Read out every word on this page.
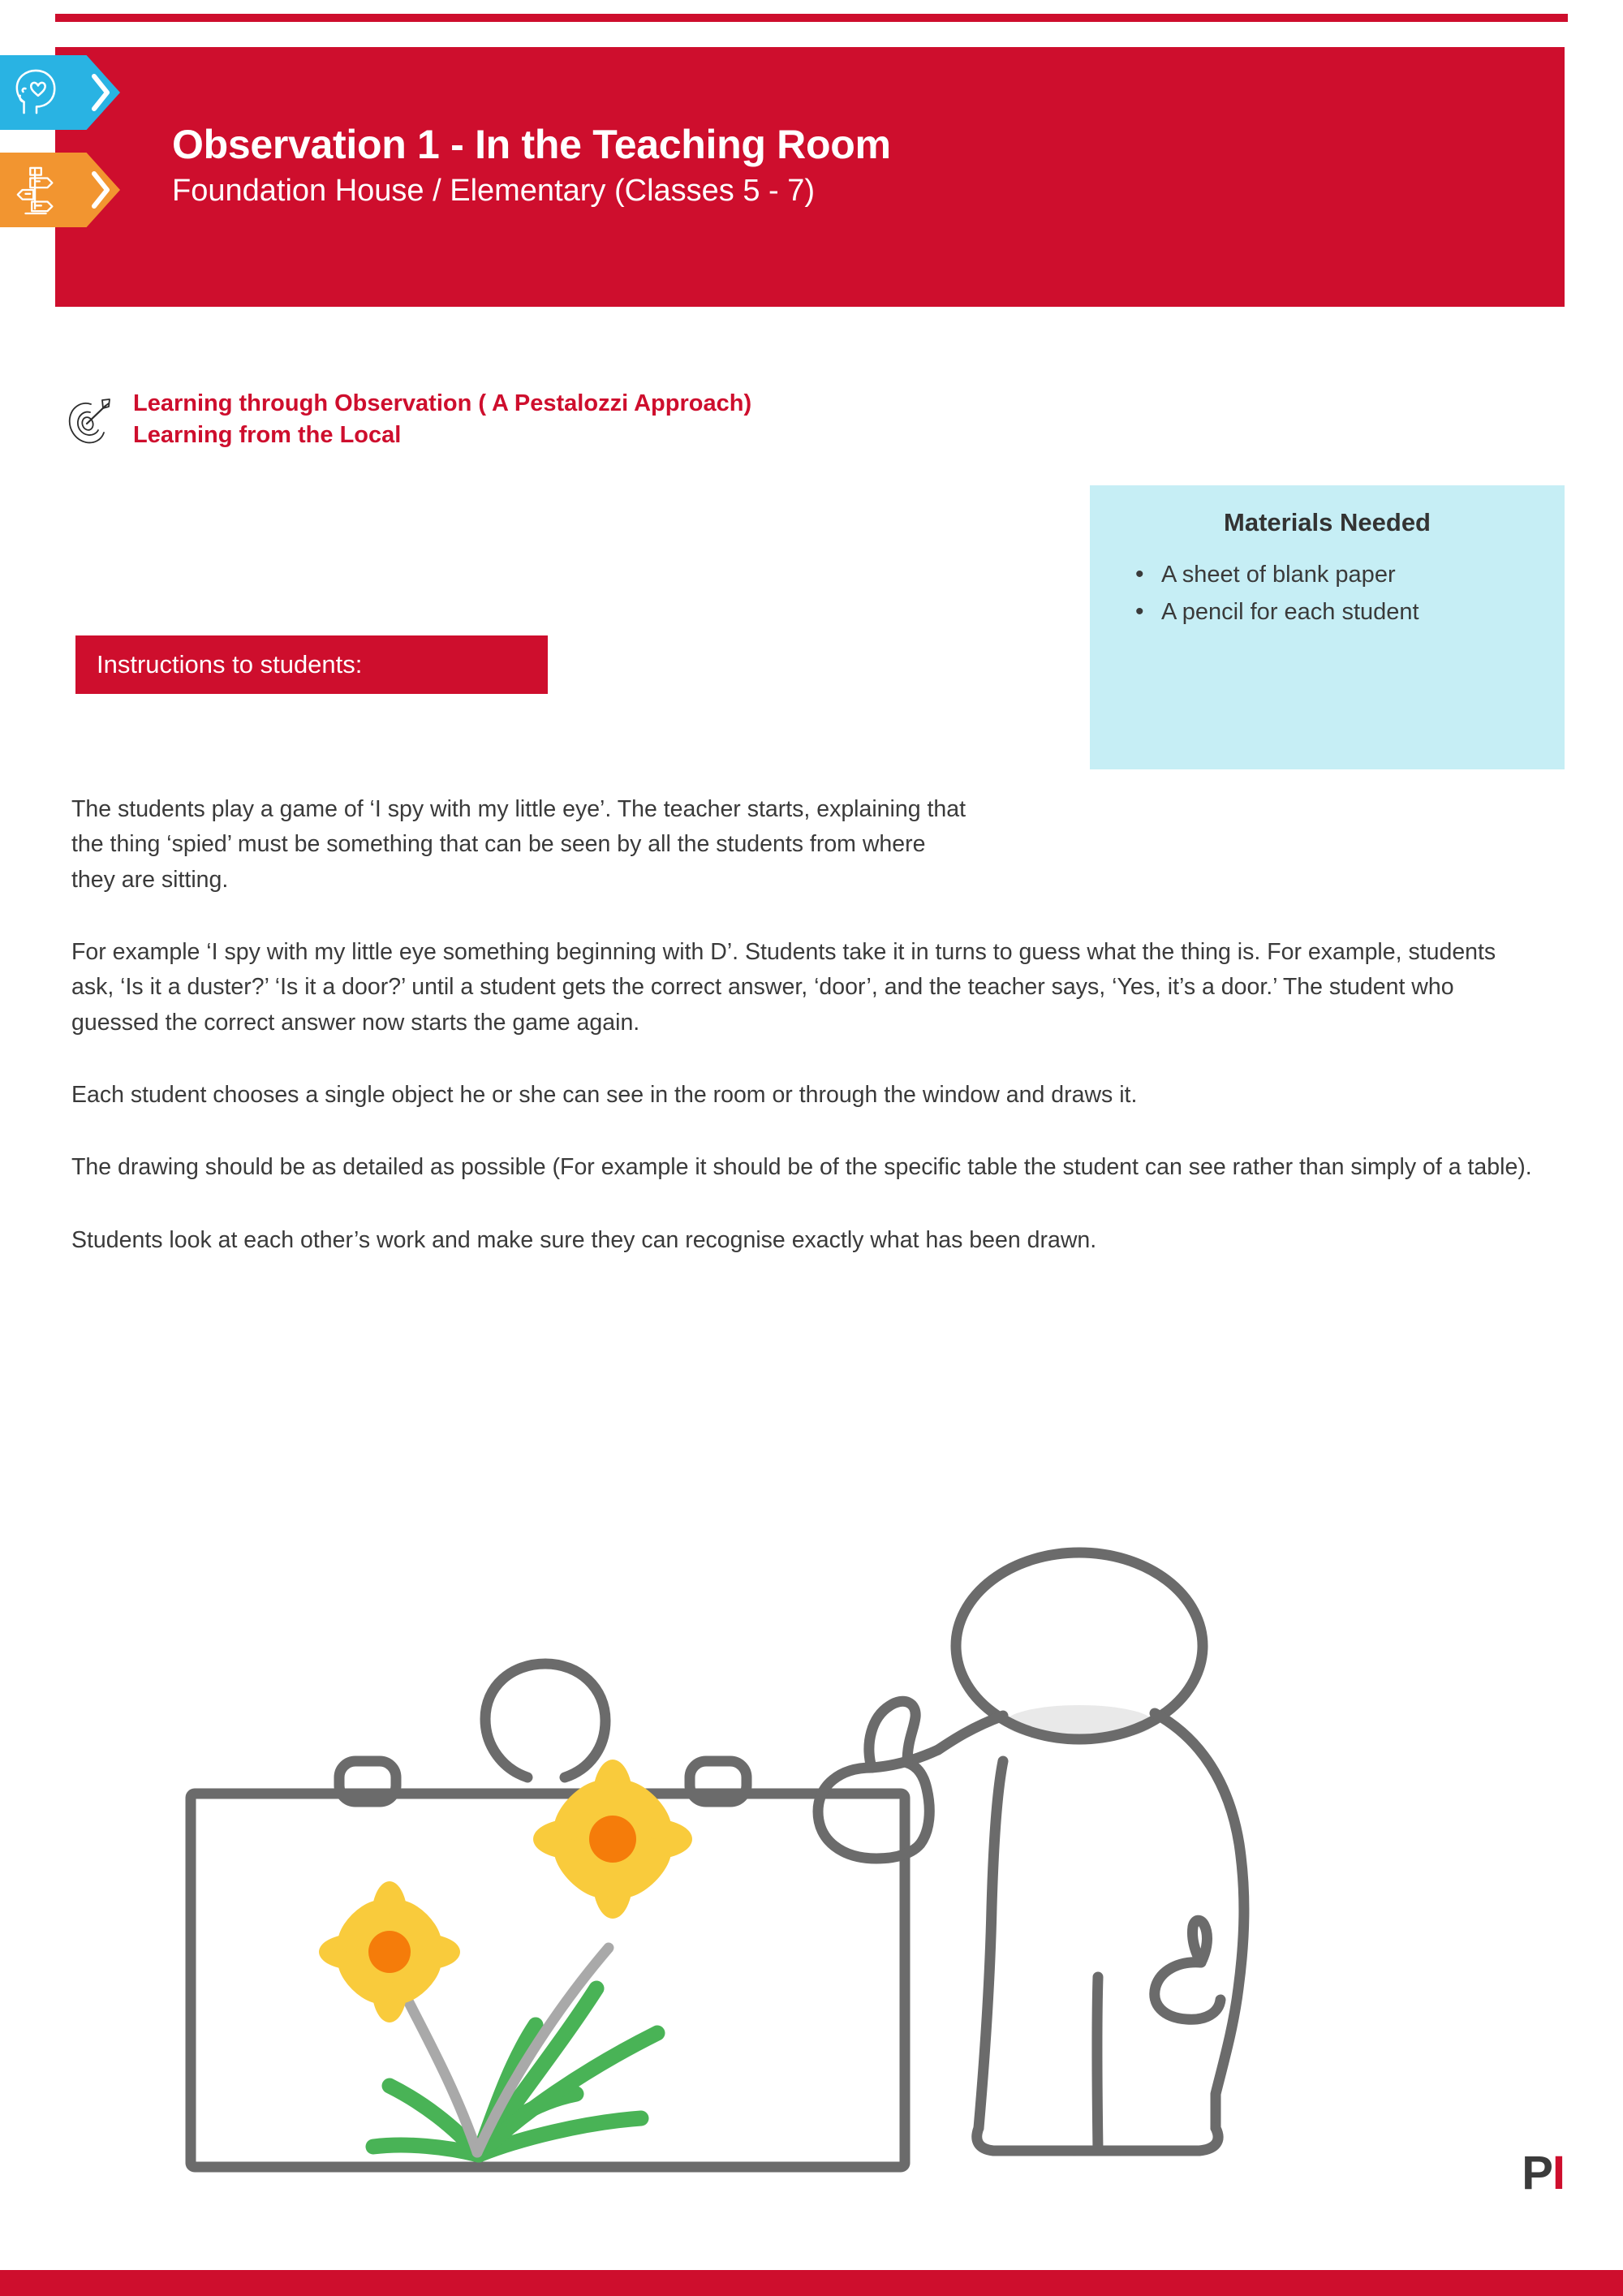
Observation 1 - In the Teaching Room
Foundation House / Elementary (Classes 5 - 7)
Learning through Observation ( A Pestalozzi Approach)
Learning from the Local
Materials Needed
• A sheet of blank paper
• A pencil for each student
Instructions to students:

The students play a game of ‘I spy with my little eye’. The teacher starts, explaining that the thing ‘spied’ must be something that can be seen by all the students from where they are sitting.

For example ‘I spy with my little eye something beginning with D’. Students take it in turns to guess what the thing is. For example, students ask, ‘Is it a duster?’ ‘Is it a door?’ until a student gets the correct answer, ‘door’, and the teacher says, ‘Yes, it’s a door.’ The student who guessed the correct answer now starts the game again.

Each student chooses a single object he or she can see in the room or through the window and draws it.

The drawing should be as detailed as possible (For example it should be of the specific table the student can see rather than simply of a table).

Students look at each other’s work and make sure they can recognise exactly what has been drawn.

PI
